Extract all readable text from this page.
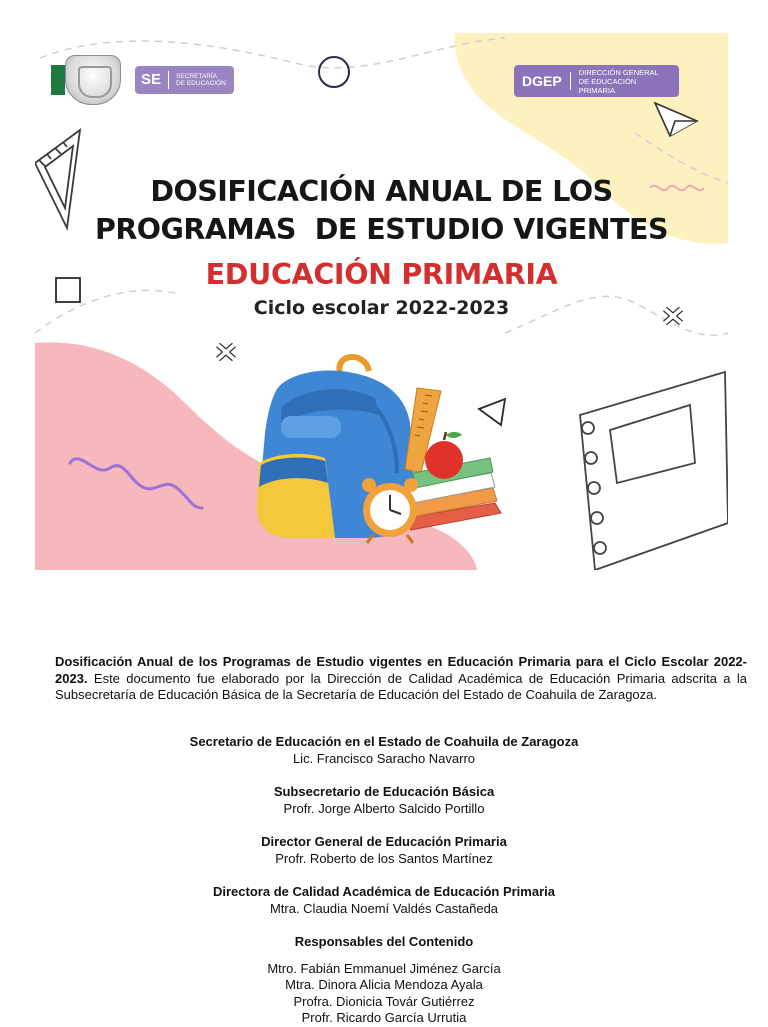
SE	SECRETARÍA DE EDUCACIÓN	DGEP
DIRECCIÓN GENERAL DE EDUCACIÓN PRIMARIA
DOSIFICACIÓN ANUAL DE LOS
PROGRAMAS  DE ESTUDIO VIGENTES
EDUCACIÓN PRIMARIA
Ciclo escolar 2022-2023

Dosificación Anual de los Programas de Estudio vigentes en Educación Primaria para el Ciclo Escolar 2022-2023. Este documento fue elaborado por la Dirección de Calidad Académica de Educación Primaria adscrita a la Subsecretaría de Educación Básica de la Secretaría de Educación del Estado de Coahuila de Zaragoza.

Secretario de Educación en el Estado de Coahuila de Zaragoza
Lic. Francisco Saracho Navarro
Subsecretario de Educación Básica
Profr. Jorge Alberto Salcido Portillo
Director General de Educación Primaria
Profr. Roberto de los Santos Martínez
Directora de Calidad Académica de Educación Primaria
Mtra. Claudia Noemí Valdés Castañeda
Responsables del Contenido
Mtro. Fabián Emmanuel Jiménez García
Mtra. Dinora Alicia Mendoza Ayala
Profra. Dionicia Továr Gutiérrez
Profr. Ricardo García Urrutia
